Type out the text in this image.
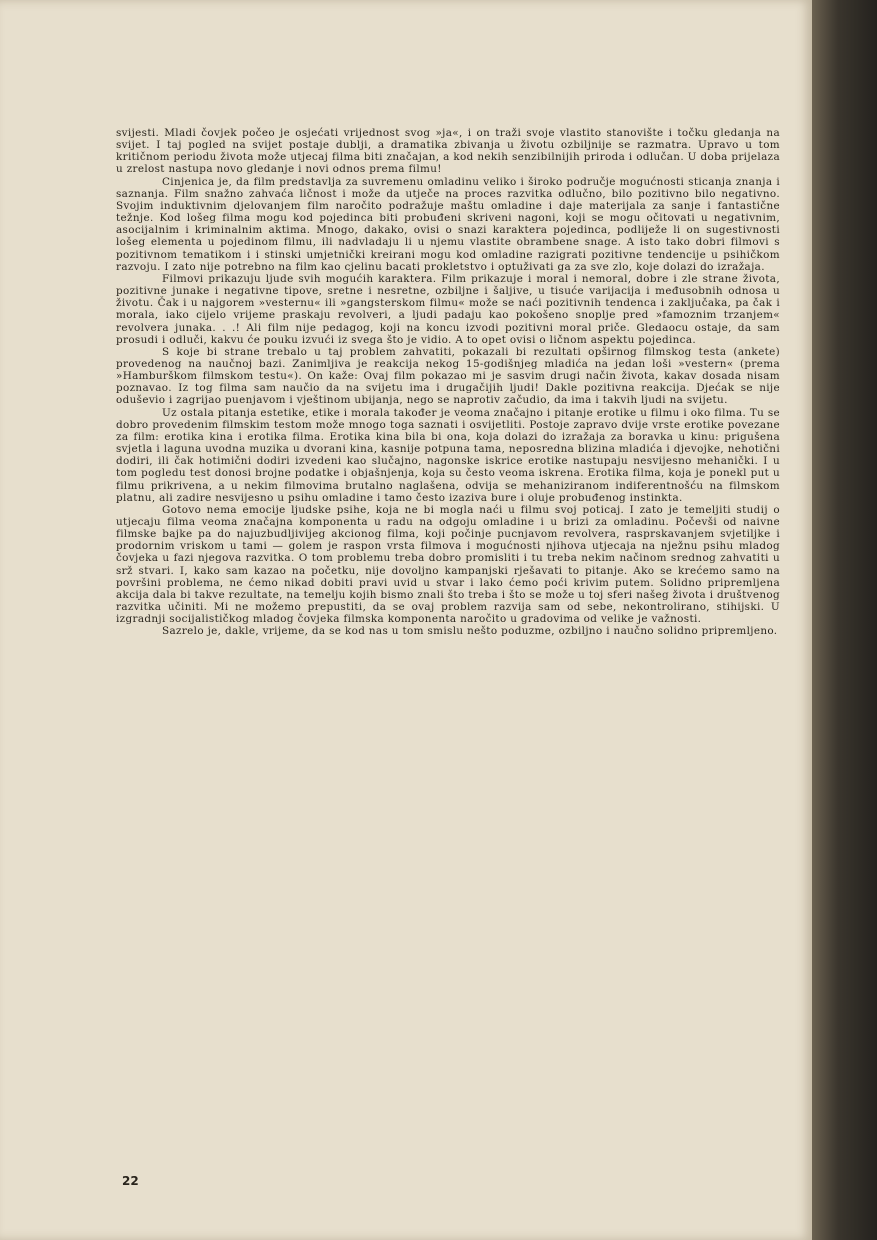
svijesti. Mladi čovjek počeo je osjećati vrijednost svog »ja«, i on traži svoje vlastito stanovište i točku gledanja na svijet. I taj pogled na svijet postaje dublji, a dramatika zbivanja u životu ozbiljnije se razmatra. Upravo u tom kritičnom periodu života može utjecaj filma biti značajan, a kod nekih senzibilnijih priroda i odlučan. U doba prijelaza u zrelost nastupa novo gledanje i novi odnos prema filmu!

Cinjenica je, da film predstavlja za suvremenu omladinu veliko i široko područje mogućnosti sticanja znanja i saznanja. Film snažno zahvaća ličnost i može da utječe na proces razvitka odlučno, bilo pozitivno bilo negativno. Svojim induktivnim djelovanjem film naročito podražuje maštu omladine i daje materijala za sanje i fantastične težnje. Kod lošeg filma mogu kod pojedinca biti probuđeni skriveni nagoni, koji se mogu očitovati u negativnim, asocijalnim i kriminalnim aktima. Mnogo, dakako, ovisi o snazi karaktera pojedinca, podliježe li on sugestivnosti lošeg elementa u pojedinom filmu, ili nadvladaju li u njemu vlastite obrambene snage. A isto tako dobri filmovi s pozitivnom tematikom i i stinski umjetnički kreirani mogu kod omladine razigrati pozitivne tendencije u psihičkom razvoju. I zato nije potrebno na film kao cjelinu bacati prokletstvo i optuživati ga za sve zlo, koje dolazi do izražaja.

Filmovi prikazuju ljude svih mogućih karaktera. Film prikazuje i moral i nemoral, dobre i zle strane života, pozitivne junake i negativne tipove, sretne i nesretne, ozbiljne i šaljive, u tisuće varijacija i međusobnih odnosa u životu. Čak i u najgorem »vesternu« ili »gangsterskom filmu« može se naći pozitivnih tendenca i zaključaka, pa čak i morala, iako cijelo vrijeme praskaju revolveri, a ljudi padaju kao pokošeno snoplje pred »famoznim trzanjem« revolvera junaka. . .! Ali film nije pedagog, koji na koncu izvodi pozitivni moral priče. Gledaocu ostaje, da sam prosudi i odluči, kakvu će pouku izvući iz svega što je vidio. A to opet ovisi o ličnom aspektu pojedinca.

S koje bi strane trebalo u taj problem zahvatiti, pokazali bi rezultati opširnog filmskog testa (ankete) provedenog na naučnoj bazi. Zanimljiva je reakcija nekog 15-godišnjeg mladića na jedan loši »vestern« (prema »Hamburškom filmskom testu«). On kaže: Ovaj film pokazao mi je sasvim drugi način života, kakav dosada nisam poznavao. Iz tog filma sam naučio da na svijetu ima i drugačijih ljudi! Dakle pozitivna reakcija. Djećak se nije oduševio i zagrijao puenjavom i vještinom ubijanja, nego se naprotiv začudio, da ima i takvih ljudi na svijetu.

Uz ostala pitanja estetike, etike i morala također je veoma značajno i pitanje erotike u filmu i oko filma. Tu se dobro provedenim filmskim testom može mnogo toga saznati i osvijetliti. Postoje zapravo dvije vrste erotike povezane za film: erotika kina i erotika filma. Erotika kina bila bi ona, koja dolazi do izražaja za boravka u kinu: prigušena svjetla i laguna uvodna muzika u dvorani kina, kasnije potpuna tama, neposredna blizina mladića i djevojke, nehotični dodiri, ili čak hotimični dodiri izvedeni kao slučajno, nagonske iskrice erotike nastupaju nesvijesno mehanički. I u tom pogledu test donosi brojne podatke i objašnjenja, koja su često veoma iskrena. Erotika filma, koja je ponekl put u filmu prikrivena, a u nekim filmovima brutalno naglašena, odvija se mehaniziranom indiferentnošću na filmskom platnu, ali zadire nesvijesno u psihu omladine i tamo često izaziva bure i oluje probuđenog instinkta.

Gotovo nema emocije ljudske psihe, koja ne bi mogla naći u filmu svoj poticaj. I zato je temeljiti studij o utjecaju filma veoma značajna komponenta u radu na odgoju omladine i u brizi za omladinu. Počevši od naivne filmske bajke pa do najuzbudljivijeg akcionog filma, koji počinje pucnjavom revolvera, rasprskavanjem svjetiljke i prodornim vriskom u tami — golem je raspon vrsta filmova i mogućnosti njihova utjecaja na nježnu psihu mladog čovjeka u fazi njegova razvitka. O tom problemu treba dobro promisliti i tu treba nekim načinom srednog zahvatiti u srž stvari. I, kako sam kazao na početku, nije dovoljno kampanjski rješavati to pitanje. Ako se krećemo samo na površini problema, ne ćemo nikad dobiti pravi uvid u stvar i lako ćemo poći krivim putem. Solidno pripremljena akcija dala bi takve rezultate, na temelju kojih bismo znali što treba i što se može u toj sferi našeg života i društvenog razvitka učiniti. Mi ne možemo prepustiti, da se ovaj problem razvija sam od sebe, nekontrolirano, stihijski. U izgradnji socijalističkog mladog čovjeka filmska komponenta naročito u gradovima od velike je važnosti.

Sazrelo je, dakle, vrijeme, da se kod nas u tom smislu nešto poduzme, ozbiljno i naučno solidno pripremljeno.

22
